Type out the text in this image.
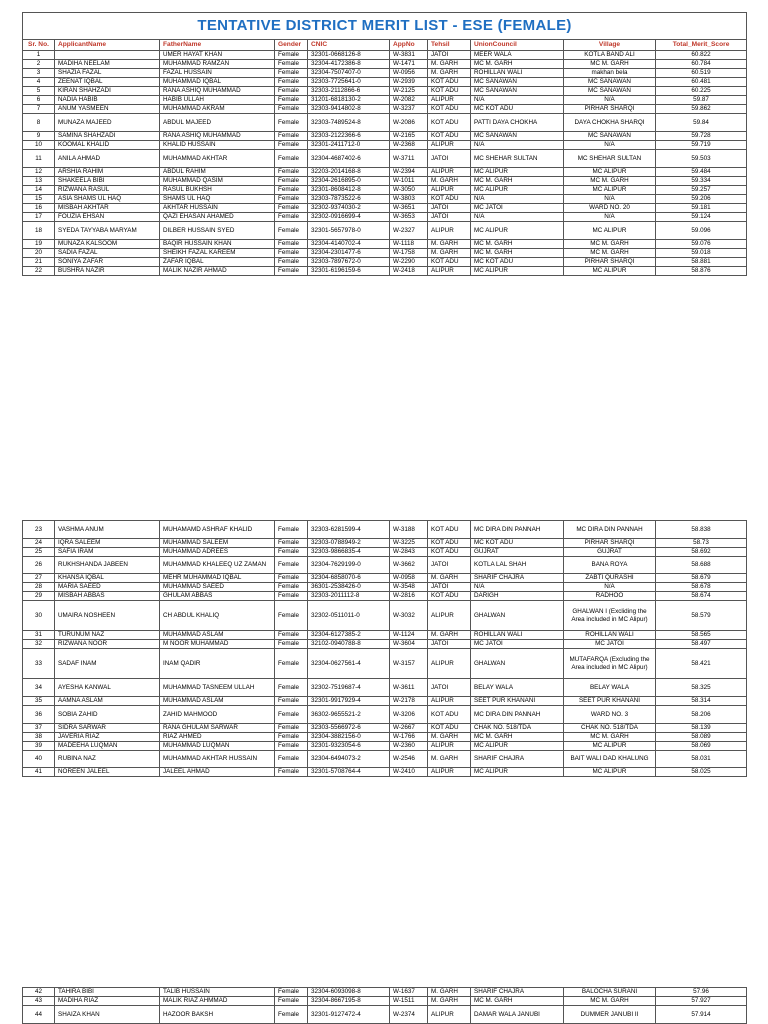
TENTATIVE DISTRICT MERIT LIST - ESE (FEMALE)									
Sr. No.	ApplicantName	FatherName	Gender	CNIC	AppNo	Tehsil	UnionCouncil	Village	Total_Merit_Score
1		UMER HAYAT KHAN	Female	32301-0668126-8	W-3831	JATOI	MEER WALA	KOTLA BAND ALI	60.822
2	MADIHA NEELAM	MUHAMMAD RAMZAN	Female	32304-4172386-8	W-1471	M. GARH	MC M. GARH	MC M. GARH	60.784
3	SHAZIA FAZAL	FAZAL HUSSAIN	Female	32304-7507407-0	W-0956	M. GARH	ROHILLAN WALI	makhan bela	60.519
4	ZEENAT IQBAL	MUHAMMAD IQBAL	Female	32303-7725641-0	W-2939	KOT ADU	MC SANAWAN	MC SANAWAN	60.481
5	KIRAN SHAHZADI	RANA ASHIQ MUHAMMAD	Female	32303-2112866-6	W-2125	KOT ADU	MC SANAWAN	MC SANAWAN	60.225
6	NADIA HABIB	HABIB ULLAH	Female	31201-6818130-2	W-2082	ALIPUR	N/A	N/A	59.87
7	ANUM YASMEEN	MUHAMMAD AKRAM	Female	32303-9414802-8	W-3237	KOT ADU	MC KOT ADU	PIRHAR SHARQI	59.862
8	MUNAZA MAJEED	ABDUL MAJEED	Female	32303-7489524-8	W-2086	KOT ADU	PATTI DAYA CHOKHA	DAYA CHOKHA SHARQI	59.84
9	SAMINA SHAHZADI	RANA ASHIQ MUHAMMAD	Female	32303-2122366-6	W-2165	KOT ADU	MC SANAWAN	MC SANAWAN	59.728
10	KOOMAL KHALID	KHALID HUSSAIN	Female	32301-2411712-0	W-2368	ALIPUR	N/A	N/A	59.719
11	ANILA AHMAD	MUHAMMAD AKHTAR	Female	32304-4687402-6	W-3711	JATOI	MC SHEHAR SULTAN	MC SHEHAR SULTAN	59.503
12	ARSHIA RAHIM	ABDUL RAHIM	Female	32203-2014168-8	W-2394	ALIPUR	MC ALIPUR	MC ALIPUR	59.484
13	SHAKEELA BIBI	MUHAMMAD QASIM	Female	32304-2616895-0	W-1011	M. GARH	MC M. GARH	MC M. GARH	59.334
14	RIZWANA RASUL	RASUL BUKHSH	Female	32301-8608412-8	W-3050	ALIPUR	MC ALIPUR	MC ALIPUR	59.257
15	ASIA SHAMS UL HAQ	SHAMS UL HAQ	Female	32303-7873522-6	W-3803	KOT ADU	N/A	N/A	59.206
16	MISBAH AKHTAR	AKHTAR HUSSAIN	Female	32302-9374030-2	W-3651	JATOI	MC JATOI	WARD NO. 20	59.181
17	FOUZIA EHSAN	QAZI EHASAN AHAMED	Female	32302-0916699-4	W-3653	JATOI	N/A	N/A	59.124
18	SYEDA TAYYABA MARYAM	DILBER HUSSAIN SYED	Female	32301-5657978-0	W-2327	ALIPUR	MC ALIPUR	MC ALIPUR	59.096
19	MUNAZA KALSOOM	BAQIR HUSSAIN KHAN	Female	32304-4140702-4	W-1118	M. GARH	MC M. GARH	MC M. GARH	59.076
20	SADIA FAZAL	SHEIKH FAZAL KAREEM	Female	32304-2301477-6	W-1758	M. GARH	MC M. GARH	MC M. GARH	59.018
21	SONIYA ZAFAR	ZAFAR IQBAL	Female	32303-7897672-0	W-2290	KOT ADU	MC KOT ADU	PIRHAR SHARQI	58.881
22	BUSHRA NAZIR	MALIK NAZIR AHMAD	Female	32301-6196159-6	W-2418	ALIPUR	MC ALIPUR	MC ALIPUR	58.876
23	VASHMA ANUM	MUHAMAMD ASHRAF KHALID	Female	32303-6281599-4	W-3188	KOT ADU	MC DIRA DIN PANNAH	MC DIRA DIN PANNAH	58.838
24	IQRA SALEEM	MUHAMMAD SALEEM	Female	32303-0788949-2	W-3225	KOT ADU	MC KOT ADU	PIRHAR SHARQI	58.73
25	SAFIA IRAM	MUHAMMAD ADREES	Female	32303-9866835-4	W-2843	KOT ADU	GUJRAT	GUJRAT	58.692
26	RUKHSHANDA JABEEN	MUHAMMAD KHALEEQ UZ ZAMAN	Female	32304-7629199-0	W-3662	JATOI	KOTLA LAL SHAH	BANA ROYA	58.688
27	KHANSA IQBAL	MEHR MUHAMMAD IQBAL	Female	32304-6858070-6	W-0958	M. GARH	SHARIF CHAJRA	ZABTI QURASHI	58.679
28	MARIA SAEED	MUHAMMAD SAEED	Female	36301-2538426-0	W-3548	JATOI	N/A	N/A	58.678
29	MISBAH ABBAS	GHULAM ABBAS	Female	32303-2011112-8	W-2816	KOT ADU	DARIGH	RADHOO	58.674
30	UMAIRA NOSHEEN	CH ABDUL KHALIQ	Female	32302-0511011-0	W-3032	ALIPUR	GHALWAN	GHALWAN I (Excliding the Area included in MC Alipur)	58.579
31	TURUNUM NAZ	MUHAMMAD ASLAM	Female	32304-6127385-2	W-1124	M. GARH	ROHILLAN WALI	ROHILLAN WALI	58.565
32	RIZWANA NOOR	M NOOR MUHAMMAD	Female	32102-0940788-8	W-3604	JATOI	MC JATOI	MC JATOI	58.497
33	SADAF INAM	INAM QADIR	Female	32304-0627561-4	W-3157	ALIPUR	GHALWAN	MUTAFARQA (Excluding the Area included in MC Alipur)	58.421
34	AYESHA KANWAL	MUHAMMAD TASNEEM ULLAH	Female	32302-7519687-4	W-3611	JATOI	BELAY WALA	BELAY WALA	58.325
35	AAMNA ASLAM	MUHAMMAD ASLAM	Female	32301-9917929-4	W-2178	ALIPUR	SEET PUR KHANANI	SEET PUR KHANANI	58.314
36	SOBIA ZAHID	ZAHID MAHMOOD	Female	36302-9655521-2	W-3206	KOT ADU	MC DIRA DIN PANNAH	WARD NO. 3	58.206
37	SIDRA SARWAR	RANA GHULAM SARWAR	Female	32303-5566972-6	W-2667	KOT ADU	CHAK NO. 518/TDA	CHAK NO. 518/TDA	58.139
38	JAVERIA RIAZ	RIAZ AHMED	Female	32304-3882156-0	W-1766	M. GARH	MC M. GARH	MC M. GARH	58.089
39	MADEEHA LUQMAN	MUHAMMAD LUQMAN	Female	32301-9323054-6	W-2360	ALIPUR	MC ALIPUR	MC ALIPUR	58.069
40	RUBINA NAZ	MUHAMMAD AKHTAR HUSSAIN	Female	32304-6494073-2	W-2546	M. GARH	SHARIF CHAJRA	BAIT WALI DAD KHALUNG	58.031
41	NOREEN JALEEL	JALEEL AHMAD	Female	32301-5708764-4	W-2410	ALIPUR	MC ALIPUR	MC ALIPUR	58.025
42	TAHIRA BIBI	TALIB HUSSAIN	Female	32304-6093098-8	W-1637	M. GARH	SHARIF CHAJRA	BALOCHA SURANI	57.96
43	MADIHA RIAZ	MALIK RIAZ AHMMAD	Female	32304-8667195-8	W-1511	M. GARH	MC M. GARH	MC M. GARH	57.927
44	SHAIZA KHAN	HAZOOR BAKSH	Female	32301-9127472-4	W-2374	ALIPUR	DAMAR WALA JANUBI	DUMMER JANUBI II	57.914
